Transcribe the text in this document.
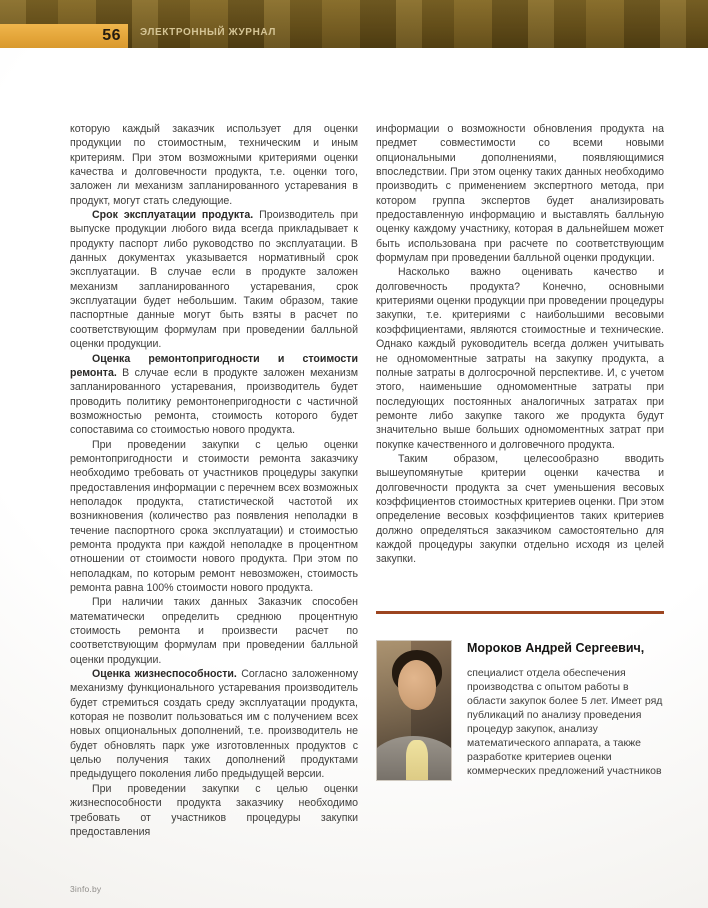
56 ЭЛЕКТРОННЫЙ ЖУРНАЛ

которую каждый заказчик использует для оценки продукции по стоимостным, техническим и иным критериям. При этом возможными критериями оценки качества и долговечности продукта, т.е. оценки того, заложен ли механизм запланированного устаревания в продукт, могут стать следующие.

Срок эксплуатации продукта. Производитель при выпуске продукции любого вида всегда прикладывает к продукту паспорт либо руководство по эксплуатации. В данных документах указывается нормативный срок эксплуатации. В случае если в продукте заложен механизм запланированного устаревания, срок эксплуатации будет небольшим. Таким образом, такие паспортные данные могут быть взяты в расчет по соответствующим формулам при проведении балльной оценки продукции.

Оценка ремонтопригодности и стоимости ремонта. В случае если в продукте заложен механизм запланированного устаревания, производитель будет проводить политику ремонтонепригодности с частичной возможностью ремонта, стоимость которого будет сопоставима со стоимостью нового продукта.

При проведении закупки с целью оценки ремонтопригодности и стоимости ремонта заказчику необходимо требовать от участников процедуры закупки предоставления информации с перечнем всех возможных неполадок продукта, статистической частотой их возникновения (количество раз появления неполадки в течение паспортного срока эксплуатации) и стоимостью ремонта продукта при каждой неполадке в процентном отношении от стоимости нового продукта. При этом по неполадкам, по которым ремонт невозможен, стоимость ремонта равна 100% стоимости нового продукта.

При наличии таких данных Заказчик способен математически определить среднюю процентную стоимость ремонта и произвести расчет по соответствующим формулам при проведении балльной оценки продукции.

Оценка жизнеспособности. Согласно заложенному механизму функционального устаревания производитель будет стремиться создать среду эксплуатации продукта, которая не позволит пользоваться им с получением всех новых опциональных дополнений, т.е. производитель не будет обновлять парк уже изготовленных продуктов с целью получения таких дополнений продуктами предыдущего поколения либо предыдущей версии.

При проведении закупки с целью оценки жизнеспособности продукта заказчику необходимо требовать от участников процедуры закупки предоставления

информации о возможности обновления продукта на предмет совместимости со всеми новыми опциональными дополнениями, появляющимися впоследствии. При этом оценку таких данных необходимо производить с применением экспертного метода, при котором группа экспертов будет анализировать предоставленную информацию и выставлять балльную оценку каждому участнику, которая в дальнейшем может быть использована при расчете по соответствующим формулам при проведении балльной оценки продукции.

Насколько важно оценивать качество и долговечность продукта? Конечно, основными критериями оценки продукции при проведении процедуры закупки, т.е. критериями с наибольшими весовыми коэффициентами, являются стоимостные и технические. Однако каждый руководитель всегда должен учитывать не одномоментные затраты на закупку продукта, а полные затраты в долгосрочной перспективе. И, с учетом этого, наименьшие одномоментные затраты при последующих постоянных аналогичных затратах при ремонте либо закупке такого же продукта будут значительно выше больших одномоментных затрат при покупке качественного и долговечного продукта.

Таким образом, целесообразно вводить вышеупомянутые критерии оценки качества и долговечности продукта за счет уменьшения весовых коэффициентов стоимостных критериев оценки. При этом определение весовых коэффициентов таких критериев должно определяться заказчиком самостоятельно для каждой процедуры закупки отдельно исходя из целей закупки.

Мороков Андрей Сергеевич,

специалист отдела обеспечения производства с опытом работы в области закупок более 5 лет. Имеет ряд публикаций по анализу проведения процедур закупок, анализу математического аппарата, а также разработке критериев оценки коммерческих предложений участников

3info.by
